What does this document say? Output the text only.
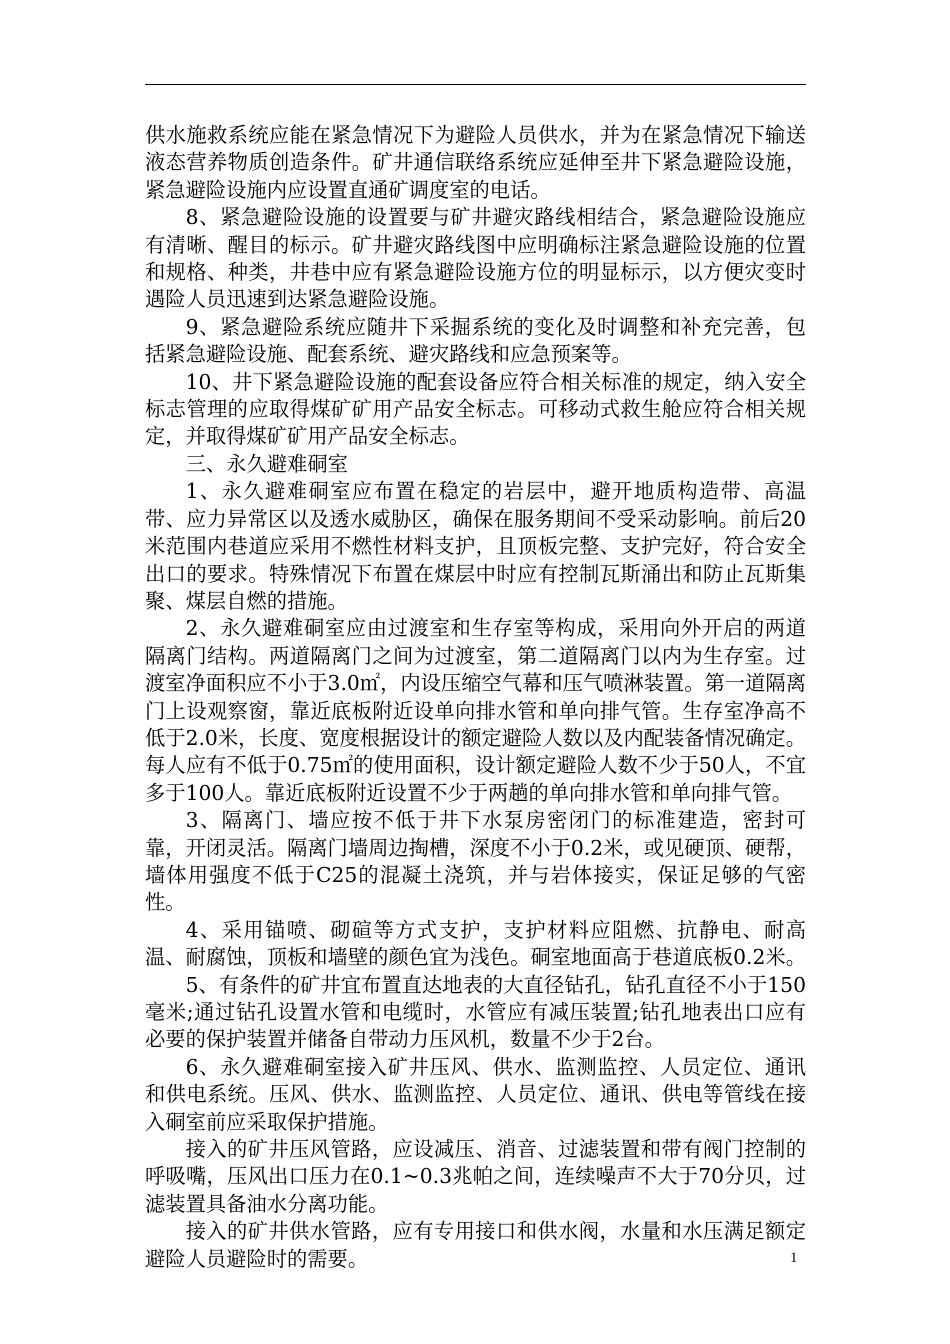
供水施救系统应能在紧急情况下为避险人员供水，并为在紧急情况下输送液态营养物质创造条件。矿井通信联络系统应延伸至井下紧急避险设施，紧急避险设施内应设置直通矿调度室的电话。

8、紧急避险设施的设置要与矿井避灾路线相结合，紧急避险设施应有清晰、醒目的标示。矿井避灾路线图中应明确标注紧急避险设施的位置和规格、种类，井巷中应有紧急避险设施方位的明显标示，以方便灾变时遇险人员迅速到达紧急避险设施。

9、紧急避险系统应随井下采掘系统的变化及时调整和补充完善，包括紧急避险设施、配套系统、避灾路线和应急预案等。

10、井下紧急避险设施的配套设备应符合相关标准的规定，纳入安全标志管理的应取得煤矿矿用产品安全标志。可移动式救生舱应符合相关规定，并取得煤矿矿用产品安全标志。

三、永久避难硐室

1、永久避难硐室应布置在稳定的岩层中，避开地质构造带、高温带、应力异常区以及透水威胁区，确保在服务期间不受采动影响。前后20米范围内巷道应采用不燃性材料支护，且顶板完整、支护完好，符合安全出口的要求。特殊情况下布置在煤层中时应有控制瓦斯涌出和防止瓦斯集聚、煤层自燃的措施。

2、永久避难硐室应由过渡室和生存室等构成，采用向外开启的两道隔离门结构。两道隔离门之间为过渡室，第二道隔离门以内为生存室。过渡室净面积应不小于3.0㎡，内设压缩空气幕和压气喷淋装置。第一道隔离门上设观察窗，靠近底板附近设单向排水管和单向排气管。生存室净高不低于2.0米，长度、宽度根据设计的额定避险人数以及内配装备情况确定。每人应有不低于0.75㎡的使用面积，设计额定避险人数不少于50人，不宜多于100人。靠近底板附近设置不少于两趟的单向排水管和单向排气管。

3、隔离门、墙应按不低于井下水泵房密闭门的标准建造，密封可靠，开闭灵活。隔离门墙周边掏槽，深度不小于0.2米，或见硬顶、硬帮，墙体用强度不低于C25的混凝土浇筑，并与岩体接实，保证足够的气密性。

4、采用锚喷、砌碹等方式支护，支护材料应阻燃、抗静电、耐高温、耐腐蚀，顶板和墙壁的颜色宜为浅色。硐室地面高于巷道底板0.2米。

5、有条件的矿井宜布置直达地表的大直径钻孔，钻孔直径不小于150 毫米;通过钻孔设置水管和电缆时，水管应有减压装置;钻孔地表出口应有必要的保护装置并储备自带动力压风机，数量不少于2台。

6、永久避难硐室接入矿井压风、供水、监测监控、人员定位、通讯和供电系统。压风、供水、监测监控、人员定位、通讯、供电等管线在接入硐室前应采取保护措施。

接入的矿井压风管路，应设减压、消音、过滤装置和带有阀门控制的呼吸嘴，压风出口压力在0.1~0.3兆帕之间，连续噪声不大于70分贝，过滤装置具备油水分离功能。

接入的矿井供水管路，应有专用接口和供水阀，水量和水压满足额定避险人员避险时的需要。	1
